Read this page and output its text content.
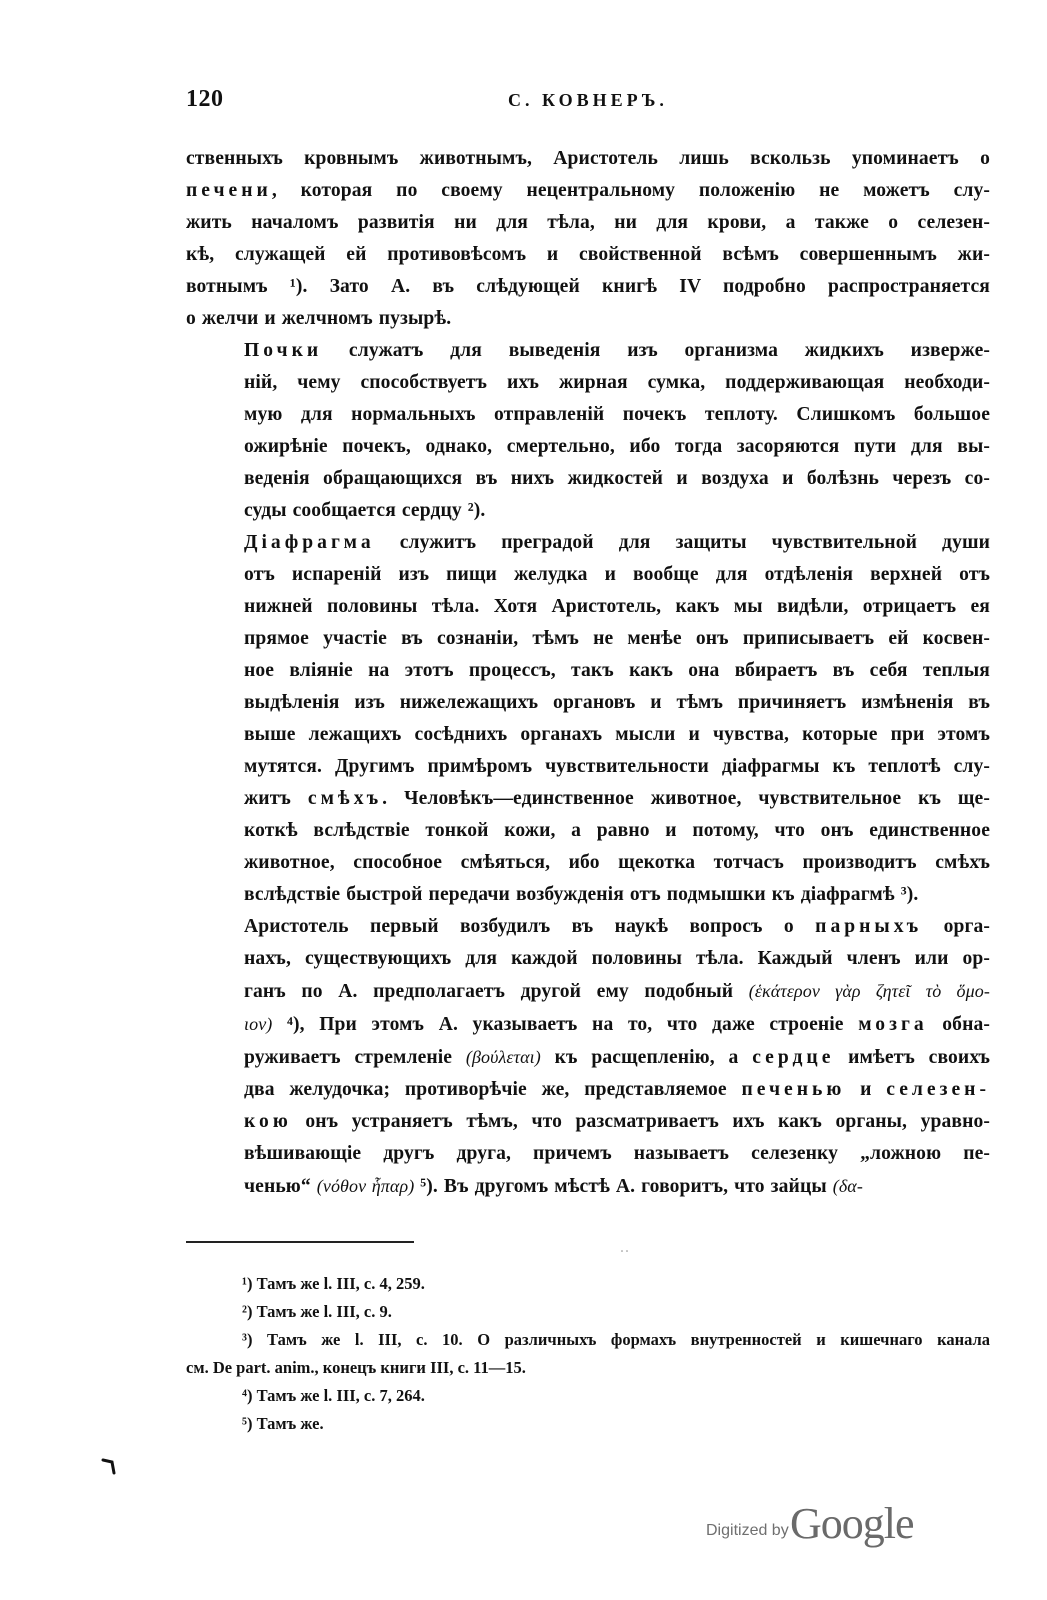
120	С. КОВНЕРЪ.

ственныхъ кровнымъ животнымъ, Аристотель лишь вскользь упоминаетъ о
печени, которая по своему нецентральному положенію не можетъ слу-
жить началомъ развитія ни для тѣла, ни для крови, а также о селезен-
кѣ, служащей ей противовѣсомъ и свойственной всѣмъ совершеннымъ жи-
вотнымъ ¹). Зато А. въ слѣдующей книгѣ IV подробно распространяется
о желчи и желчномъ пузырѣ.

Почки служатъ для выведенія изъ организма жидкихъ изверже-
ній, чему способствуетъ ихъ жирная сумка, поддерживающая необходи-
мую для нормальныхъ отправленій почекъ теплоту. Слишкомъ большое
ожирѣніе почекъ, однако, смертельно, ибо тогда засоряются пути для вы-
веденія обращающихся въ нихъ жидкостей и воздуха и болѣзнь черезъ со-
суды сообщается сердцу ²).

Діафрагма служитъ преградой для защиты чувствительной души
отъ испареній изъ пищи желудка и вообще для отдѣленія верхней отъ
нижней половины тѣла. Хотя Аристотель, какъ мы видѣли, отрицаетъ ея
прямое участіе въ сознаніи, тѣмъ не менѣе онъ приписываетъ ей косвен-
ное вліяніе на этотъ процессъ, такъ какъ она вбираетъ въ себя теплыя
выдѣленія изъ нижележащихъ органовъ и тѣмъ причиняетъ измѣненія въ
выше лежащихъ сосѣднихъ органахъ мысли и чувства, которые при этомъ
мутятся. Другимъ примѣромъ чувствительности діафрагмы къ теплотѣ слу-
житъ смѣхъ. Человѣкъ—единственное животное, чувствительное къ ще-
коткѣ вслѣдствіе тонкой кожи, а равно и потому, что онъ единственное
животное, способное смѣяться, ибо щекотка тотчасъ производитъ смѣхъ
вслѣдствіе быстрой передачи возбужденія отъ подмышки къ діафрагмѣ ³).

Аристотель первый возбудилъ въ наукѣ вопросъ о парныхъ орга-
нахъ, существующихъ для каждой половины тѣла. Каждый членъ или ор-
ганъ по А. предполагаетъ другой ему подобный (ἑκάτερον γὰρ ζητεῖ τὸ ὅμο-
ιον) ⁴), При этомъ А. указываетъ на то, что даже строеніе мозга обна-
руживаетъ стремленіе (βούλεται) къ расщепленію, а сердце имѣетъ своихъ
два желудочка; противорѣчіе же, представляемое печенью и селезен-
кою онъ устраняетъ тѣмъ, что разсматриваетъ ихъ какъ органы, уравно-
вѣшивающіе другъ друга, причемъ называетъ селезенку „ложною пе-
ченью“ (νόθον ἧπαρ) ⁵). Въ другомъ мѣстѣ А. говоритъ, что зайцы (δα-

¹) Тамъ же l. III, c. 4, 259.
²) Тамъ же l. III, c. 9.
³) Тамъ же l. III, c. 10. О различныхъ формахъ внутренностей и кишечнаго канала
см. De part. anim., конецъ книги III, c. 11—15.
⁴) Тамъ же l. III, c. 7, 264.
⁵) Тамъ же.
Digitized by Google
